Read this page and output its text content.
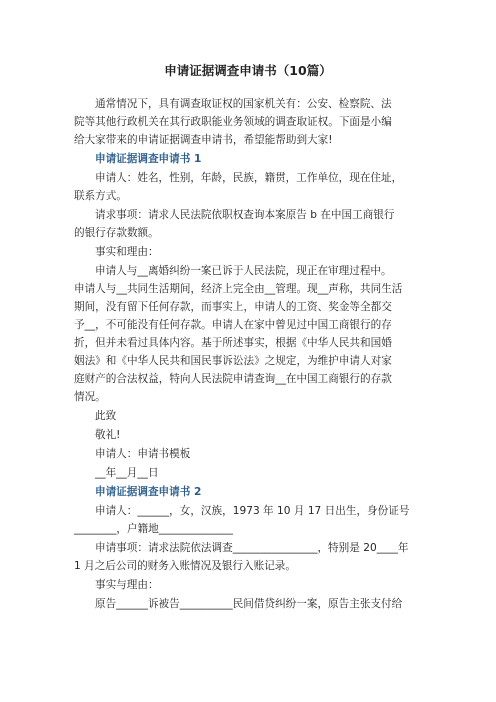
申请证据调查申请书（10篇）
通常情况下，具有调查取证权的国家机关有：公安、检察院、法
院等其他行政机关在其行政职能业务领域的调查取证权。下面是小编
给大家带来的申请证据调查申请书，希望能帮助到大家!
申请证据调查申请书 1
申请人：姓名，性别，年龄，民族，籍贯，工作单位，现在住址，
联系方式。
请求事项：请求人民法院依职权查询本案原告 b 在中国工商银行
的银行存款数额。
事实和理由：
申请人与__离婚纠纷一案已诉于人民法院，现正在审理过程中。
申请人与__共同生活期间，经济上完全由__管理。现__声称，共同生活
期间，没有留下任何存款，而事实上，申请人的工资、奖金等全都交
予__，不可能没有任何存款。申请人在家中曾见过中国工商银行的存
折，但并未看过具体内容。基于所述事实，根据《中华人民共和国婚
姻法》和《中华人民共和国民事诉讼法》之规定，为维护申请人对家
庭财产的合法权益，特向人民法院申请查询__在中国工商银行的存款
情况。
此致
敬礼!
申请人：申请书模板
__年__月__日
申请证据调查申请书 2
申请人：______，女，汉族，1973 年 10 月 17 日出生，身份证号
________，户籍地______________
申请事项：请求法院依法调查________________，特别是 20____年
1 月之后公司的财务入账情况及银行入账记录。
事实与理由：
原告______诉被告__________民间借贷纠纷一案，原告主张支付给
